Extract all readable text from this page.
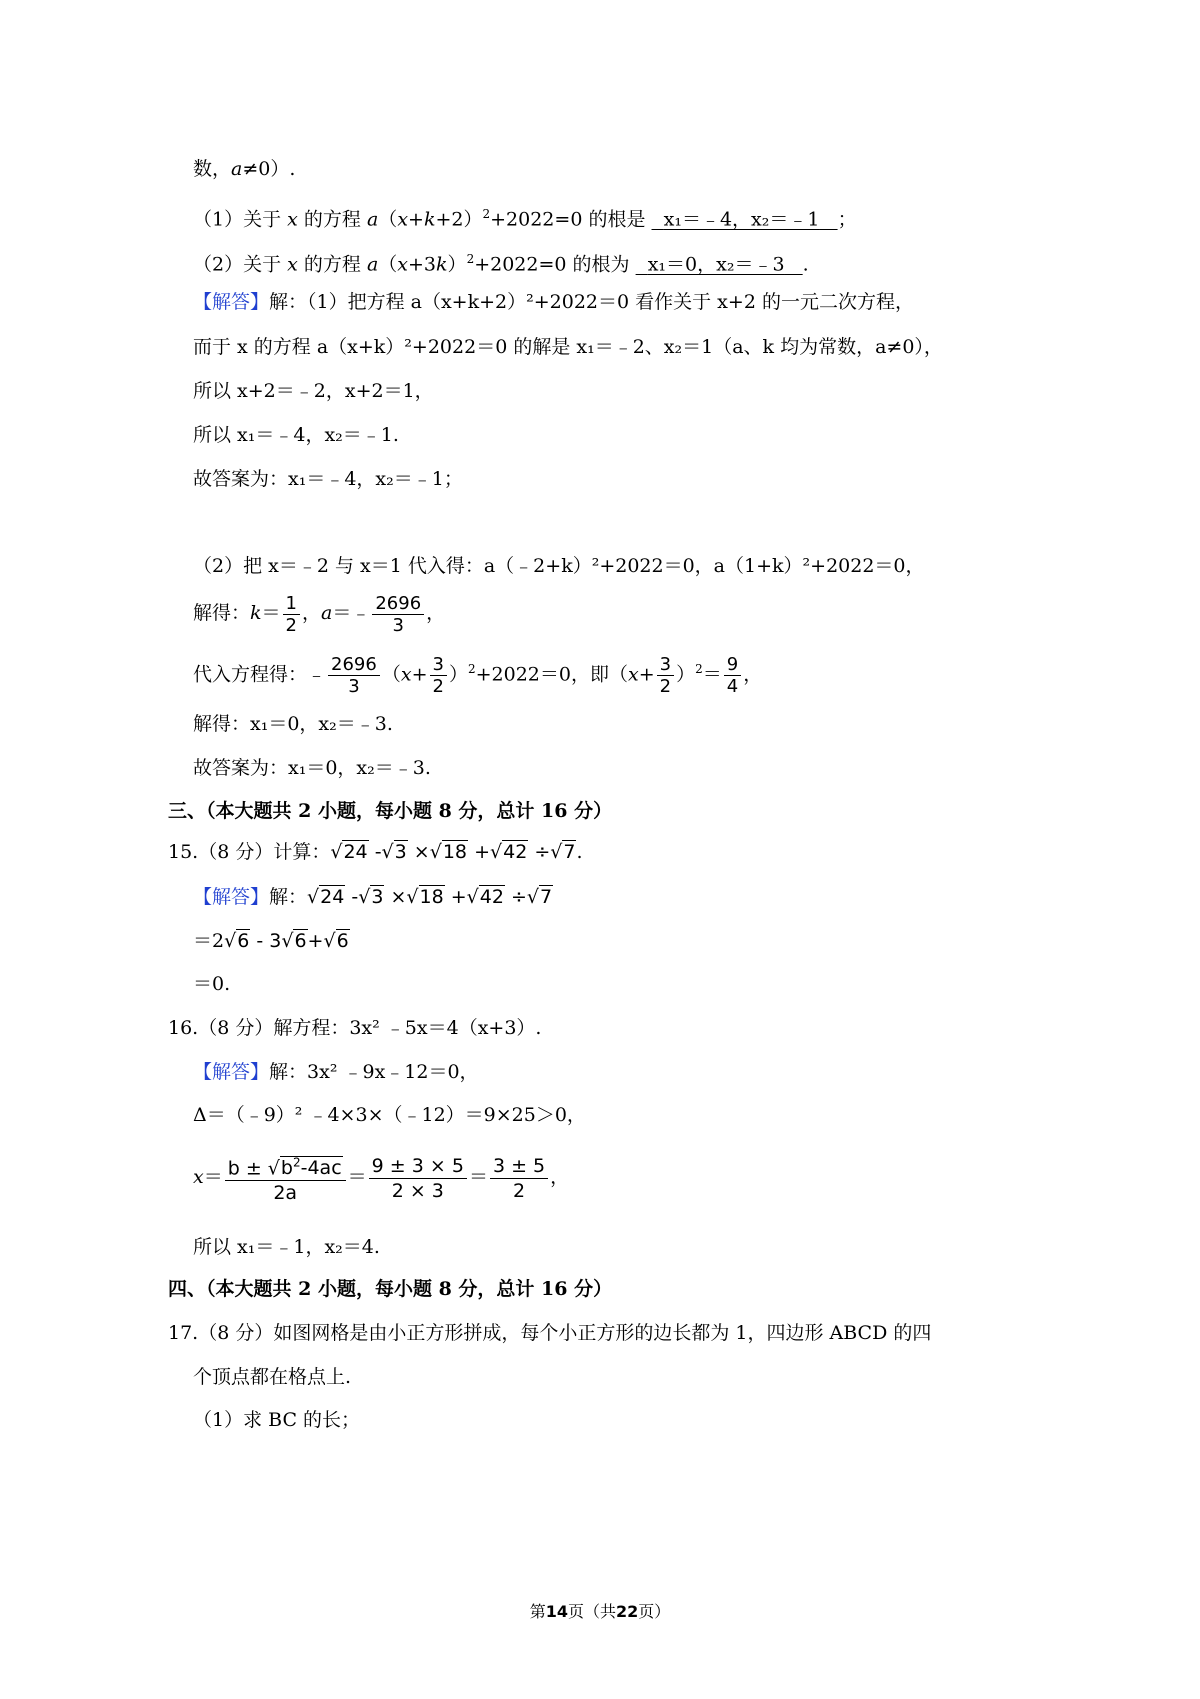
数，a≠0）.
（1）关于 x 的方程 $a(x+k+2)^2+2022=0$ 的根是 x₁＝﹣4，x₂＝﹣1 ；
（2）关于 x 的方程 $a(x+3k)^2+2022=0$ 的根为 x₁＝0，x₂＝﹣3 .
【解答】解：（1）把方程 a（x+k+2）²+2022＝0 看作关于 x+2 的一元二次方程，
而于 x 的方程 a（x+k）²+2022＝0 的解是 x₁＝﹣2、x₂＝1（a、k 均为常数，a≠0），
所以 x+2＝﹣2，x+2＝1，
所以 x₁＝﹣4，x₂＝﹣1.
故答案为：x₁＝﹣4，x₂＝﹣1；
（2）把 x＝﹣2 与 x＝1 代入得：a（﹣2+k）²+2022＝0，a（1+k）²+2022＝0，
解得：$k= \frac{1}{2}$ ，a＝﹣ $\frac{2696}{3}$ ，
代入方程得：﹣ $\frac{2696}{3} (x+ \frac{3}{2} )^2+2022=0$，即$(x+ \frac{3}{2} )^2= \frac{9}{4}$ ，
解得：x₁＝0，x₂＝﹣3.
故答案为：x₁＝0，x₂＝﹣3.
三、（本大题共 2 小题，每小题 8 分，总计 16 分）
15.（8 分）计算：√24 -√3 ×√18 +√42 ÷√7.
【解答】解：√24 -√3 ×√18 +√42 ÷√7
＝2√6 - 3√6+√6
＝0.
16.（8 分）解方程：3x² ﹣5x＝4（x+3）.
【解答】解：3x² ﹣9x﹣12＝0，
Δ＝（﹣9）² ﹣4×3×（﹣12）＝9×25＞0，
$x= \frac{b \pm √b^2-4ac}{2a} = \frac{9 \pm 3 \times 5}{2 \times 3} = \frac{3 \pm 5}{2}$ ，
所以 x₁＝﹣1，x₂＝4.
四、（本大题共 2 小题，每小题 8 分，总计 16 分）
17.（8 分）如图网格是由小正方形拼成，每个小正方形的边长都为 1，四边形 ABCD 的四
个顶点都在格点上.
（1）求 BC 的长；
第14页（共22页）
